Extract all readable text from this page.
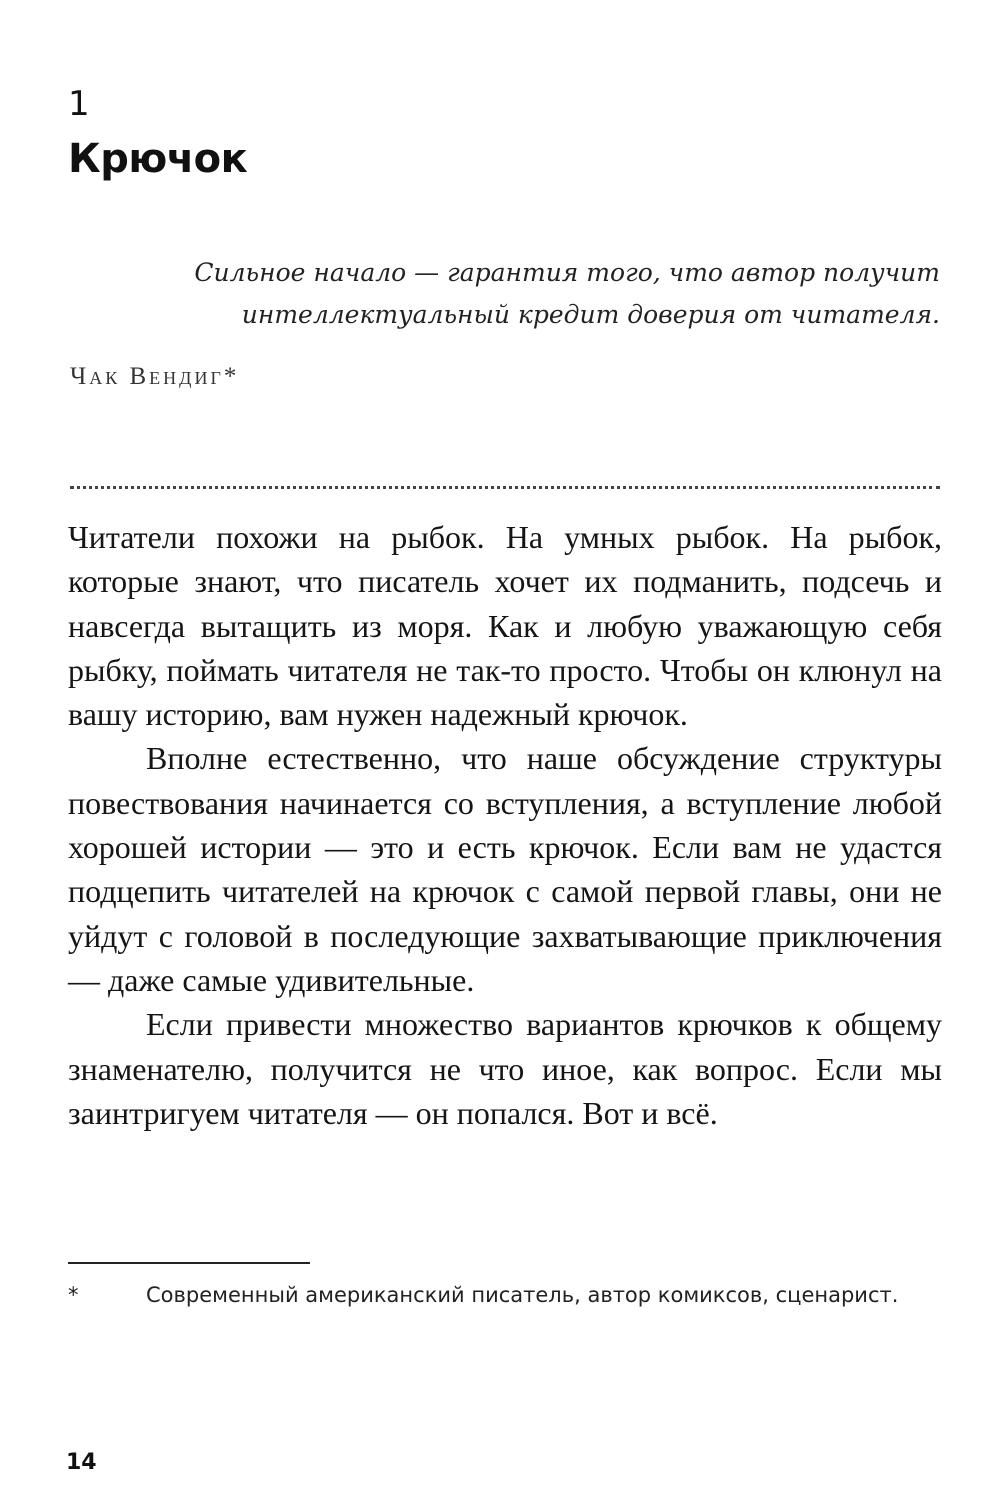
1
Крючок
Сильное начало — гарантия того, что автор получит
интеллектуальный кредит доверия от читателя.
Чак Вендиг*

Читатели похожи на рыбок. На умных рыбок. На рыбок, которые знают, что писатель хочет их подманить, подсечь и навсегда вытащить из моря. Как и любую уважающую себя рыбку, поймать читателя не так-то просто. Чтобы он клюнул на вашу историю, вам нужен надежный крючок.

Вполне естественно, что наше обсуждение структуры повествования начинается со вступления, а вступление любой хорошей истории — это и есть крючок. Если вам не удастся подцепить читателей на крючок с самой первой главы, они не уйдут с головой в последующие захватывающие приключения — даже самые удивительные.

Если привести множество вариантов крючков к общему знаменателю, получится не что иное, как вопрос. Если мы заинтригуем читателя — он попался. Вот и всё.

*	Современный американский писатель, автор комиксов, сценарист.
14
